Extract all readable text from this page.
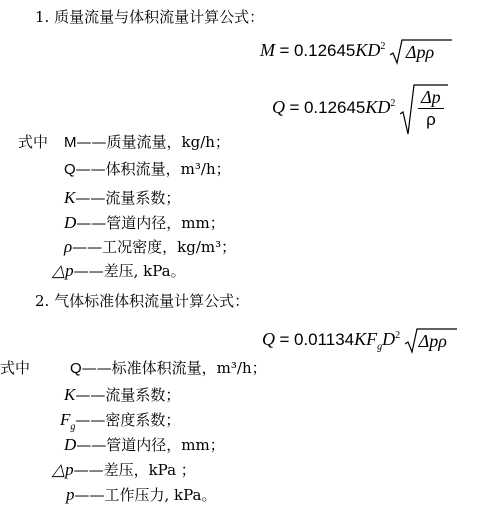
1. 质量流量与体积流量计算公式：
$M = 0.12645KD^2$ Δpρ
$Q = 0.12645KD^2$ Δp
ρ
式中 M——质量流量，kg/h；
Q——体积流量，m³/h；
K——流量系数；
D——管道内径，mm；
ρ——工况密度，kg/m³；
△p——差压, kPa。
2. 气体标准体积流量计算公式：
$Q = 0.01134KF_gD^2$ Δpρ
式中	Q——标准体积流量，m³/h；
K——流量系数；
$F_g——$密度系数；
D——管道内径，mm；
△p——差压，kPa ；
p——工作压力, kPa。
